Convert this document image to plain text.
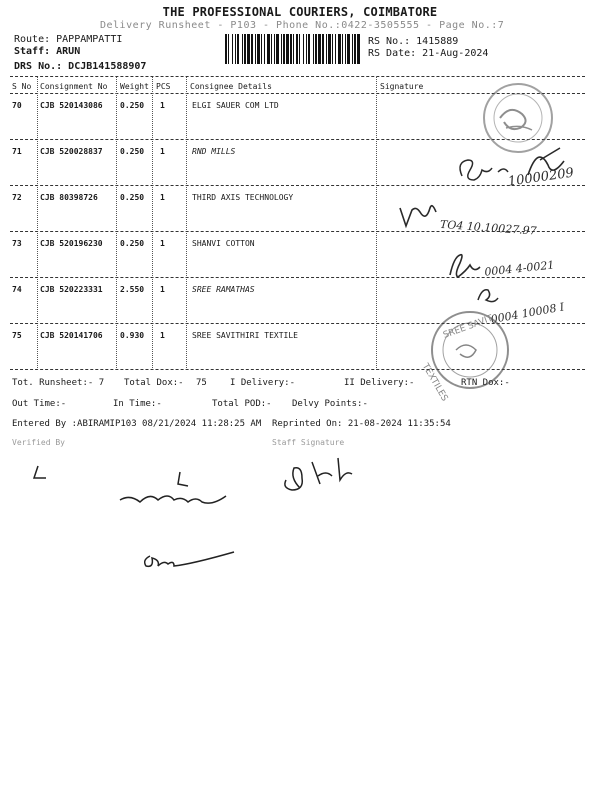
THE PROFESSIONAL COURIERS, COIMBATORE
Delivery Runsheet - P103 - Phone No.:0422-3505555 - Page No.:7
Route: PAPPAMPATTI
Staff: ARUN
DRS No.: DCJB141588907
RS No.: 1415889
RS Date: 21-Aug-2024
S No Consignment No Weight PCS Consignee Details	Signature
70 CJB 520143086 0.250 1	ELGI SAUER COM LTD
71 CJB 520028837 0.250 1	RND MILLS
72 CJB 80398726	0.250 1	THIRD AXIS TECHNOLOGY
73 CJB 520196230 0.250 1	SHANVI COTTON
74 CJB 520223331 2.550 1	SREE RAMATHAS
75 CJB 520141706 0.930 1	SREE SAVITHIRI TEXTILE
Tot. Runsheet:- 7 Total Dox:- 75	I Delivery:-	II Delivery:-	RTN Dox:-
Out Time:-	In Time:-	Total POD:- Delvy Points:-
Entered By :ABIRAMIP103 08/21/2024 11:28:25 AM Reprinted On: 21-08-2024 11:35:54
Verified By	Staff Signature
10000209
TO4 10.10027.97
0004 4-0021
0004 10008 I
SREE SAVIT
TEXTILES
